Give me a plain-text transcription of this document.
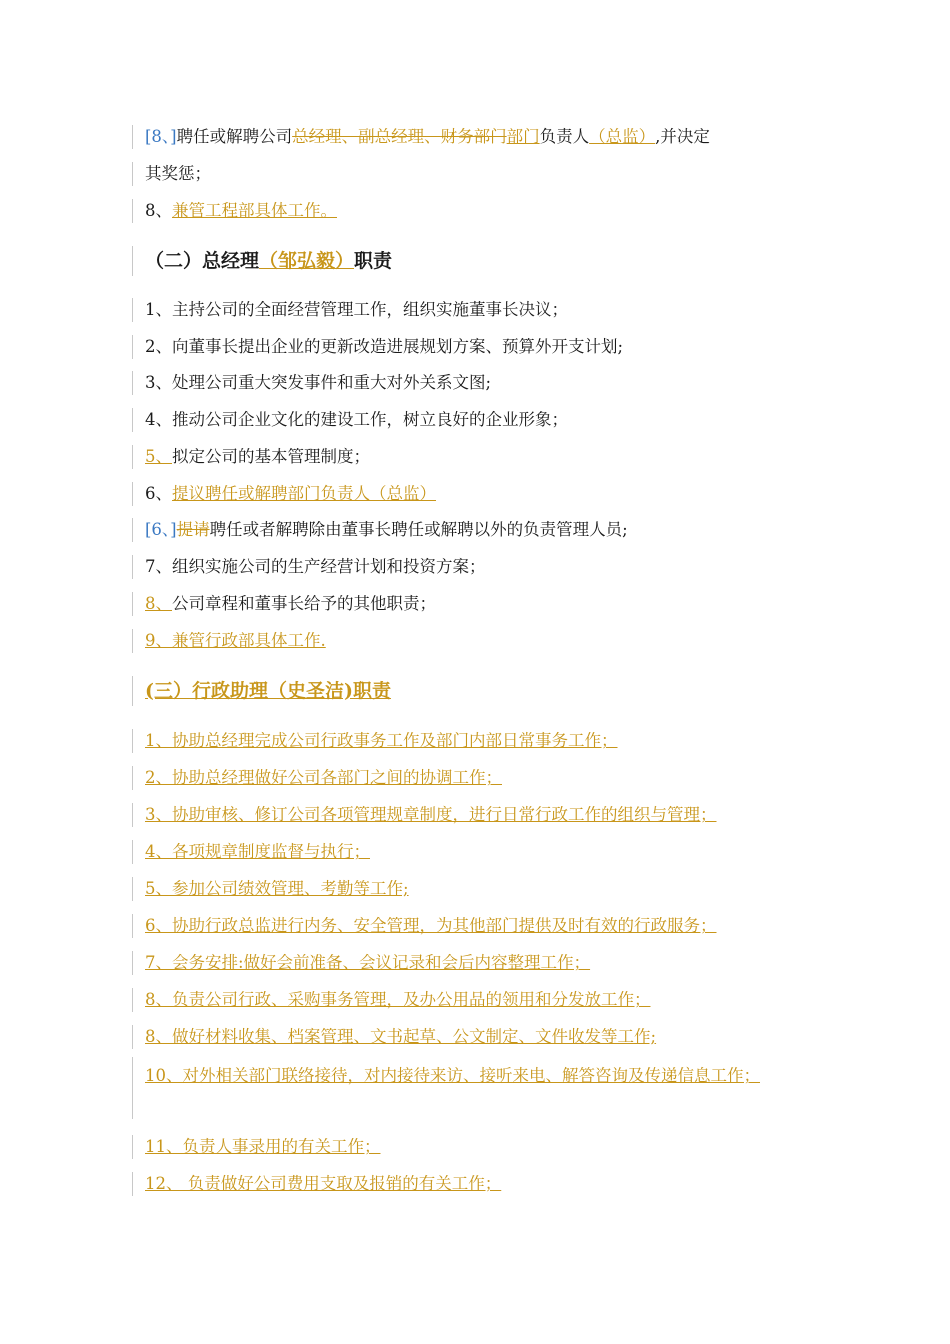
[8、]聘任或解聘公司总经理、副总经理、财务部门部门负责人（总监）,并决定
其奖惩；
8、兼管工程部具体工作。
（二）总经理（邹弘毅）职责
1、主持公司的全面经营管理工作，组织实施董事长决议；
2、向董事长提出企业的更新改造进展规划方案、预算外开支计划;
3、处理公司重大突发事件和重大对外关系文图;
4、推动公司企业文化的建设工作，树立良好的企业形象；
5、拟定公司的基本管理制度；
6、提议聘任或解聘部门负责人（总监）
[6、]提请聘任或者解聘除由董事长聘任或解聘以外的负责管理人员;
7、组织实施公司的生产经营计划和投资方案；
8、公司章程和董事长给予的其他职责；
9、兼管行政部具体工作.
(三）行政助理（史圣洁)职责
1、协助总经理完成公司行政事务工作及部门内部日常事务工作；
2、协助总经理做好公司各部门之间的协调工作；
3、协助审核、修订公司各项管理规章制度，进行日常行政工作的组织与管理；
4、各项规章制度监督与执行；
5、参加公司绩效管理、考勤等工作;
6、协助行政总监进行内务、安全管理，为其他部门提供及时有效的行政服务；
7、会务安排:做好会前准备、会议记录和会后内容整理工作；
8、负责公司行政、采购事务管理，及办公用品的领用和分发放工作；
8、做好材料收集、档案管理、文书起草、公文制定、文件收发等工作;
10、对外相关部门联络接待，对内接待来访、接听来电、解答咨询及传递信息工作；
11、负责人事录用的有关工作；
12、 负责做好公司费用支取及报销的有关工作；
